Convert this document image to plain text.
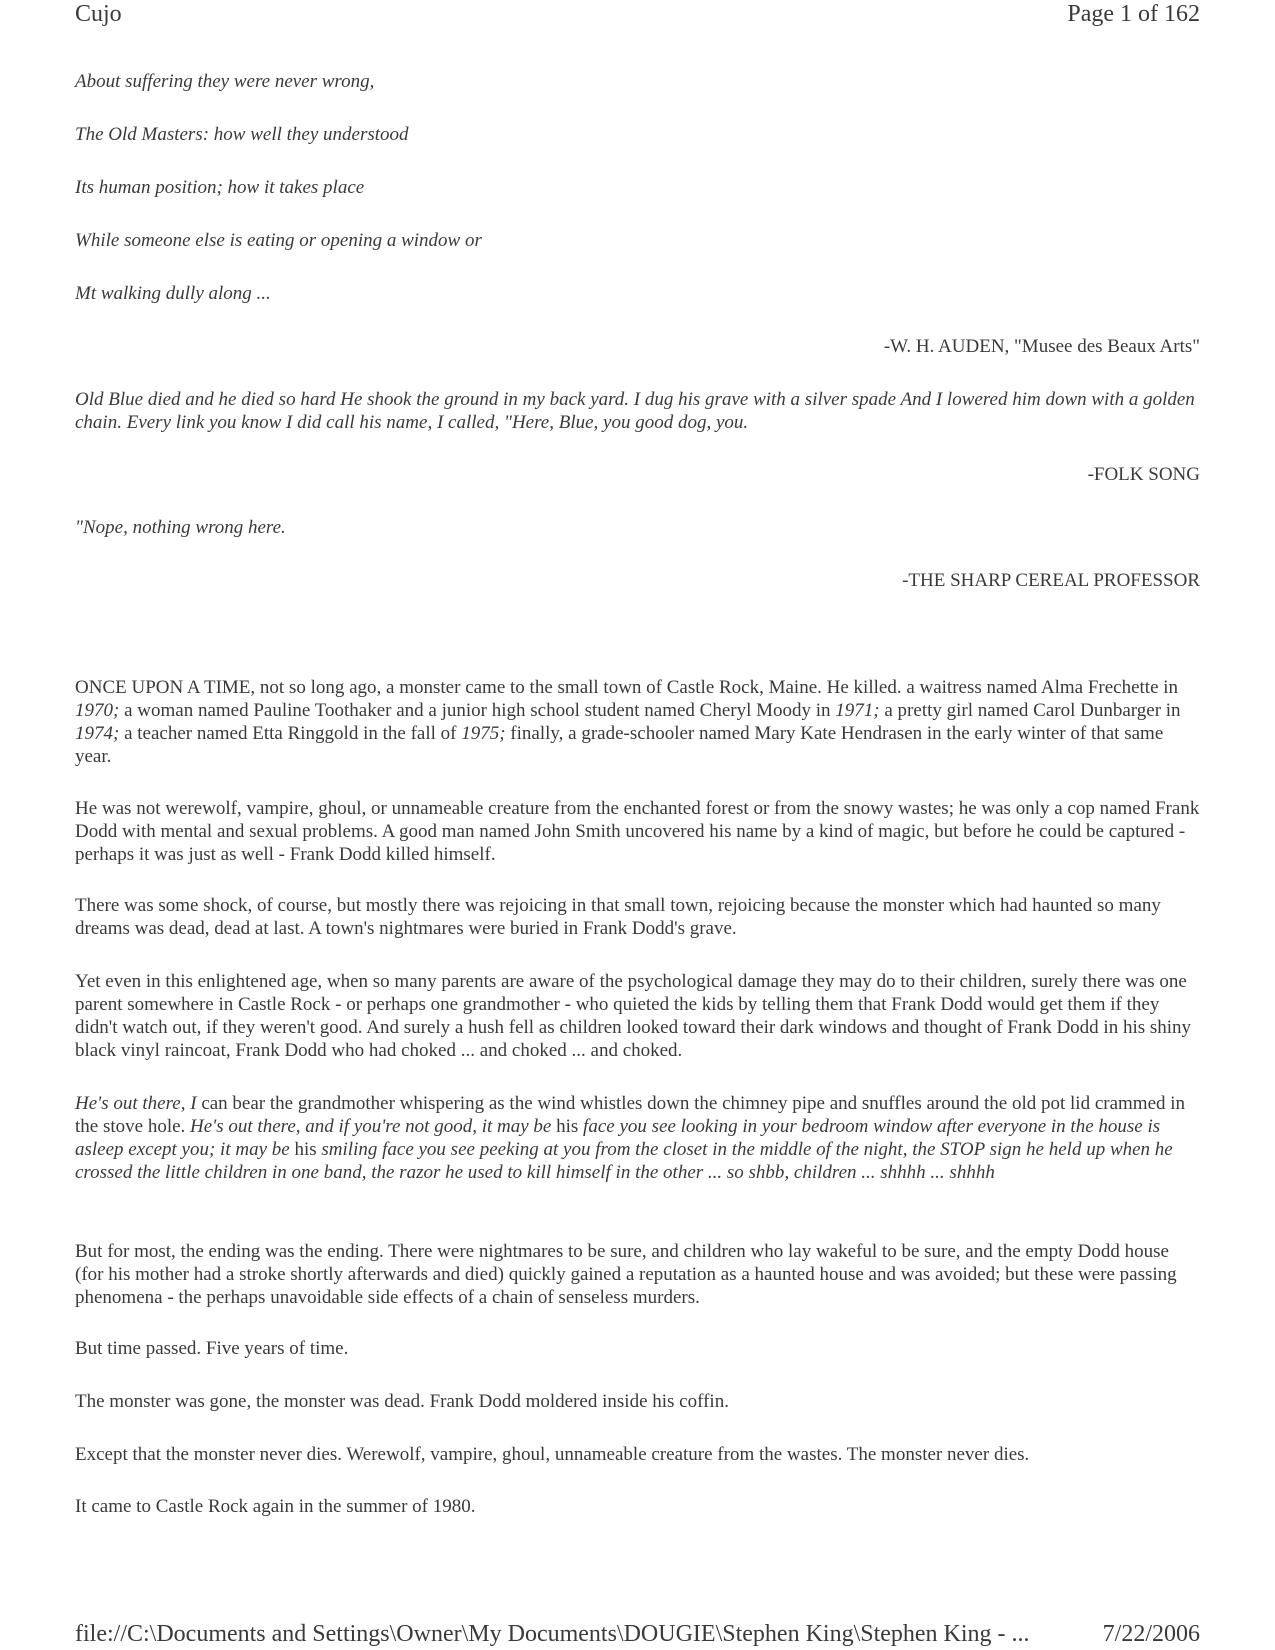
Cujo	Page 1 of 162

About suffering they were never wrong,

The Old Masters: how well they understood

Its human position; how it takes place

While someone else is eating or opening a window or

Mt walking dully along ...

-W. H. AUDEN, "Musee des Beaux Arts"

Old Blue died and he died so hard He shook the ground in my back yard. I dug his grave with a silver spade And I lowered him down with a golden chain. Every link you know I did call his name, I called, "Here, Blue, you good dog, you.

-FOLK SONG

"Nope, nothing wrong here.

-THE SHARP CEREAL PROFESSOR

ONCE UPON A TIME, not so long ago, a monster came to the small town of Castle Rock, Maine. He killed. a waitress named Alma Frechette in 1970; a woman named Pauline Toothaker and a junior high school student named Cheryl Moody in 1971; a pretty girl named Carol Dunbarger in 1974; a teacher named Etta Ringgold in the fall of 1975; finally, a grade-schooler named Mary Kate Hendrasen in the early winter of that same year.

He was not werewolf, vampire, ghoul, or unnameable creature from the enchanted forest or from the snowy wastes; he was only a cop named Frank Dodd with mental and sexual problems. A good man named John Smith uncovered his name by a kind of magic, but before he could be captured - perhaps it was just as well - Frank Dodd killed himself.

There was some shock, of course, but mostly there was rejoicing in that small town, rejoicing because the monster which had haunted so many dreams was dead, dead at last. A town's nightmares were buried in Frank Dodd's grave.

Yet even in this enlightened age, when so many parents are aware of the psychological damage they may do to their children, surely there was one parent somewhere in Castle Rock - or perhaps one grandmother - who quieted the kids by telling them that Frank Dodd would get them if they didn't watch out, if they weren't good. And surely a hush fell as children looked toward their dark windows and thought of Frank Dodd in his shiny black vinyl raincoat, Frank Dodd who had choked ... and choked ... and choked.

He's out there, I can bear the grandmother whispering as the wind whistles down the chimney pipe and snuffles around the old pot lid crammed in the stove hole. He's out there, and if you're not good, it may be his face you see looking in your bedroom window after everyone in the house is asleep except you; it may be his smiling face you see peeking at you from the closet in the middle of the night, the STOP sign he held up when he crossed the little children in one band, the razor he used to kill himself in the other ... so shbb, children ... shhhh ... shhhh

But for most, the ending was the ending. There were nightmares to be sure, and children who lay wakeful to be sure, and the empty Dodd house (for his mother had a stroke shortly afterwards and died) quickly gained a reputation as a haunted house and was avoided; but these were passing phenomena - the perhaps unavoidable side effects of a chain of senseless murders.

But time passed. Five years of time.

The monster was gone, the monster was dead. Frank Dodd moldered inside his coffin.

Except that the monster never dies. Werewolf, vampire, ghoul, unnameable creature from the wastes. The monster never dies.

It came to Castle Rock again in the summer of 1980.

file://C:\Documents and Settings\Owner\My Documents\DOUGIE\Stephen King\Stephen King - ...	7/22/2006
